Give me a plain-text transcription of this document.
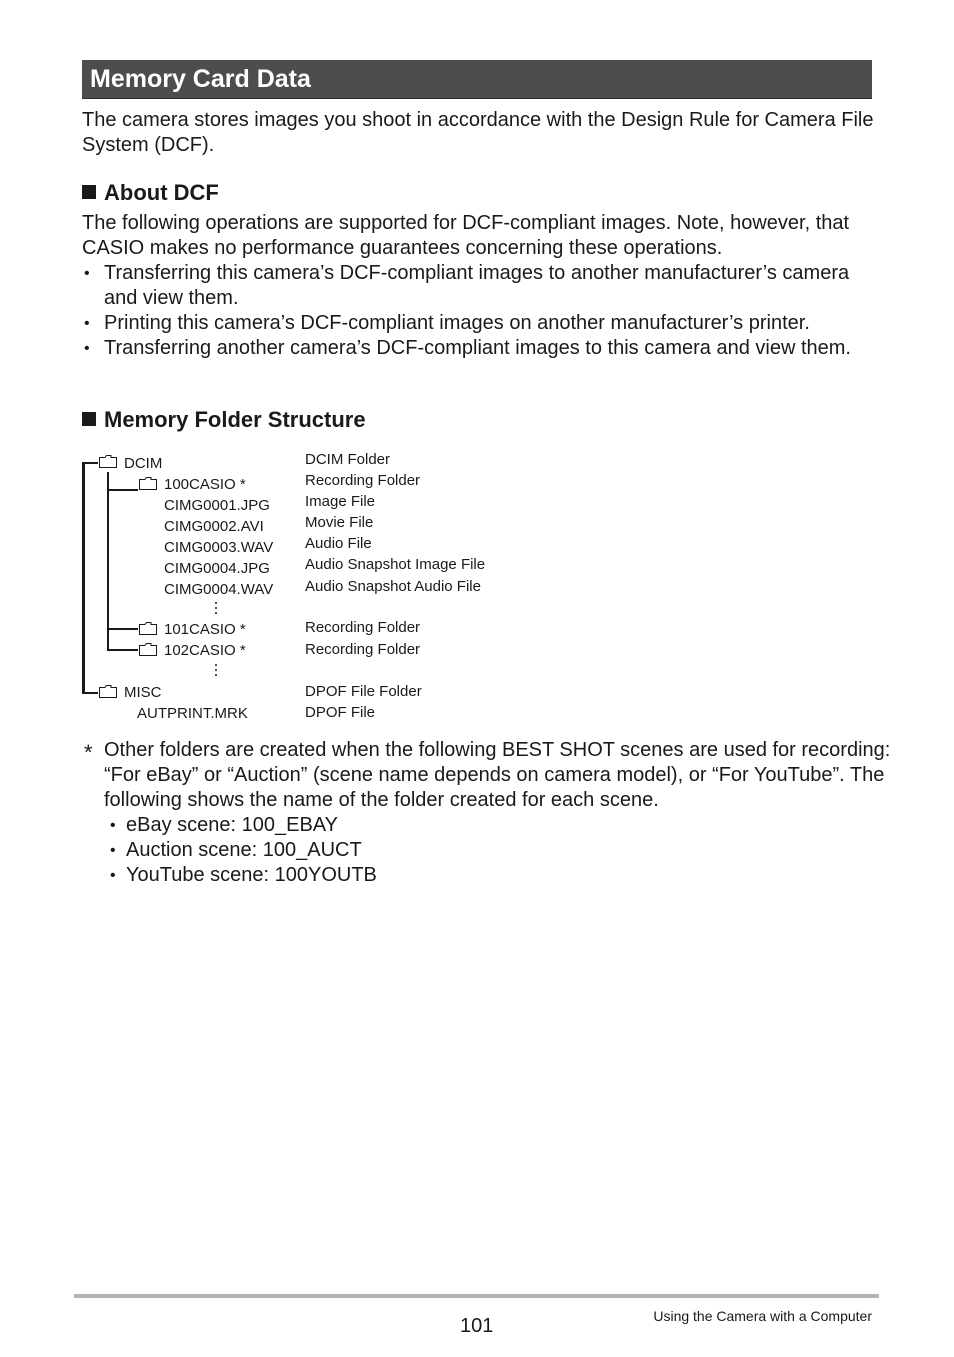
Memory Card Data

The camera stores images you shoot in accordance with the Design Rule for Camera File System (DCF).

About DCF

The following operations are supported for DCF-compliant images. Note, however, that CASIO makes no performance guarantees concerning these operations.

• Transferring this camera’s DCF-compliant images to another manufacturer’s camera and view them.
• Printing this camera’s DCF-compliant images on another manufacturer’s printer.
• Transferring another camera’s DCF-compliant images to this camera and view them.
Memory Folder Structure
DCIM	DCIM Folder
100CASIO *	Recording Folder
CIMG0001.JPG Image File
CIMG0002.AVI	Movie File
CIMG0003.WAV Audio File
CIMG0004.JPG Audio Snapshot Image File
CIMG0004.WAV Audio Snapshot Audio File
101CASIO *	Recording Folder
102CASIO *	Recording Folder
MISC	DPOF File Folder
AUTPRINT.MRK	DPOF File
* Other folders are created when the following BEST SHOT scenes are used for recording: “For eBay” or “Auction” (scene name depends on camera model), or “For YouTube”. The following shows the name of the folder created for each scene.
• eBay scene: 100_EBAY
• Auction scene: 100_AUCT
• YouTube scene: 100YOUTB
101	Using the Camera with a Computer
